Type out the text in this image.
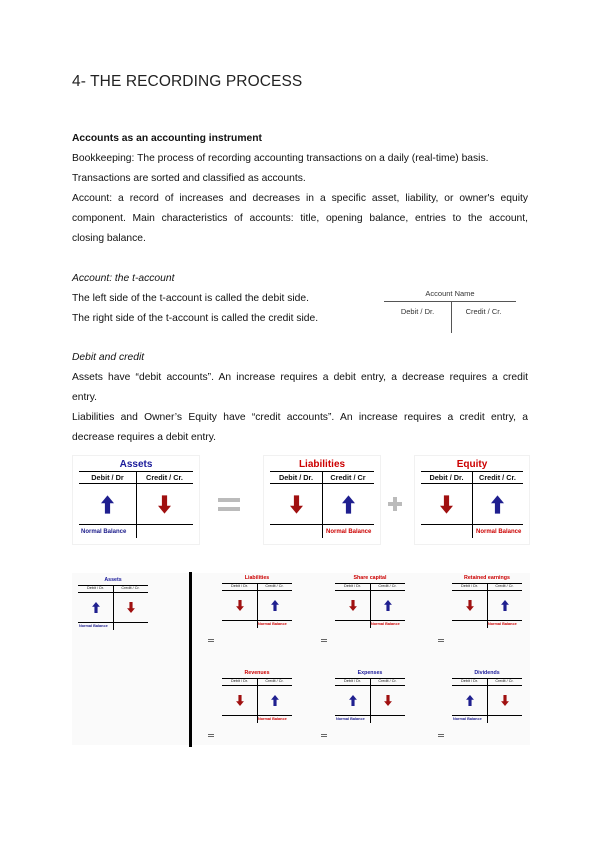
4- THE RECORDING PROCESS
Accounts as an accounting instrument
Bookkeeping: The process of recording accounting transactions on a daily (real-time) basis.
Transactions are sorted and classified as accounts.
Account: a record of increases and decreases in a specific asset, liability, or owner's equity
component. Main characteristics of accounts: title, opening balance, entries to the account,
closing balance.
Account: the t-account
The left side of the t-account is called the debit side.
The right side of the t-account is called the credit side.
Account Name
Debit / Dr.	Credit / Cr.
Debit and credit
Assets have “debit accounts”. An increase requires a debit entry, a decrease requires a credit
entry.
Liabilities and Owner’s Equity have “credit accounts”. An increase requires a credit entry, a
decrease requires a debit entry.
Assets
Debit / Dr	Credit / Cr.
Normal Balance
Liabilities
Debit / Dr.	Credit / Cr
Normal Balance
Equity
Debit / Dr.	Credit / Cr.
Normal Balance
Assets
Debit / Dr.	Credit / Cr.
Normal Balance
Liabilities
Debit / Dr.	Credit / Cr.
Normal Balance
Share capital
Debit / Dr.	Credit / Cr.
Normal Balance
Retained earnings
Debit / Dr.	Credit / Cr.
Normal Balance
Revenues
Debit / Dr.	Credit / Cr.
Normal Balance
Expenses
Debit / Dr.	Credit / Cr.
Normal Balance
Dividends
Debit / Dr.	Credit / Cr.
Normal Balance
